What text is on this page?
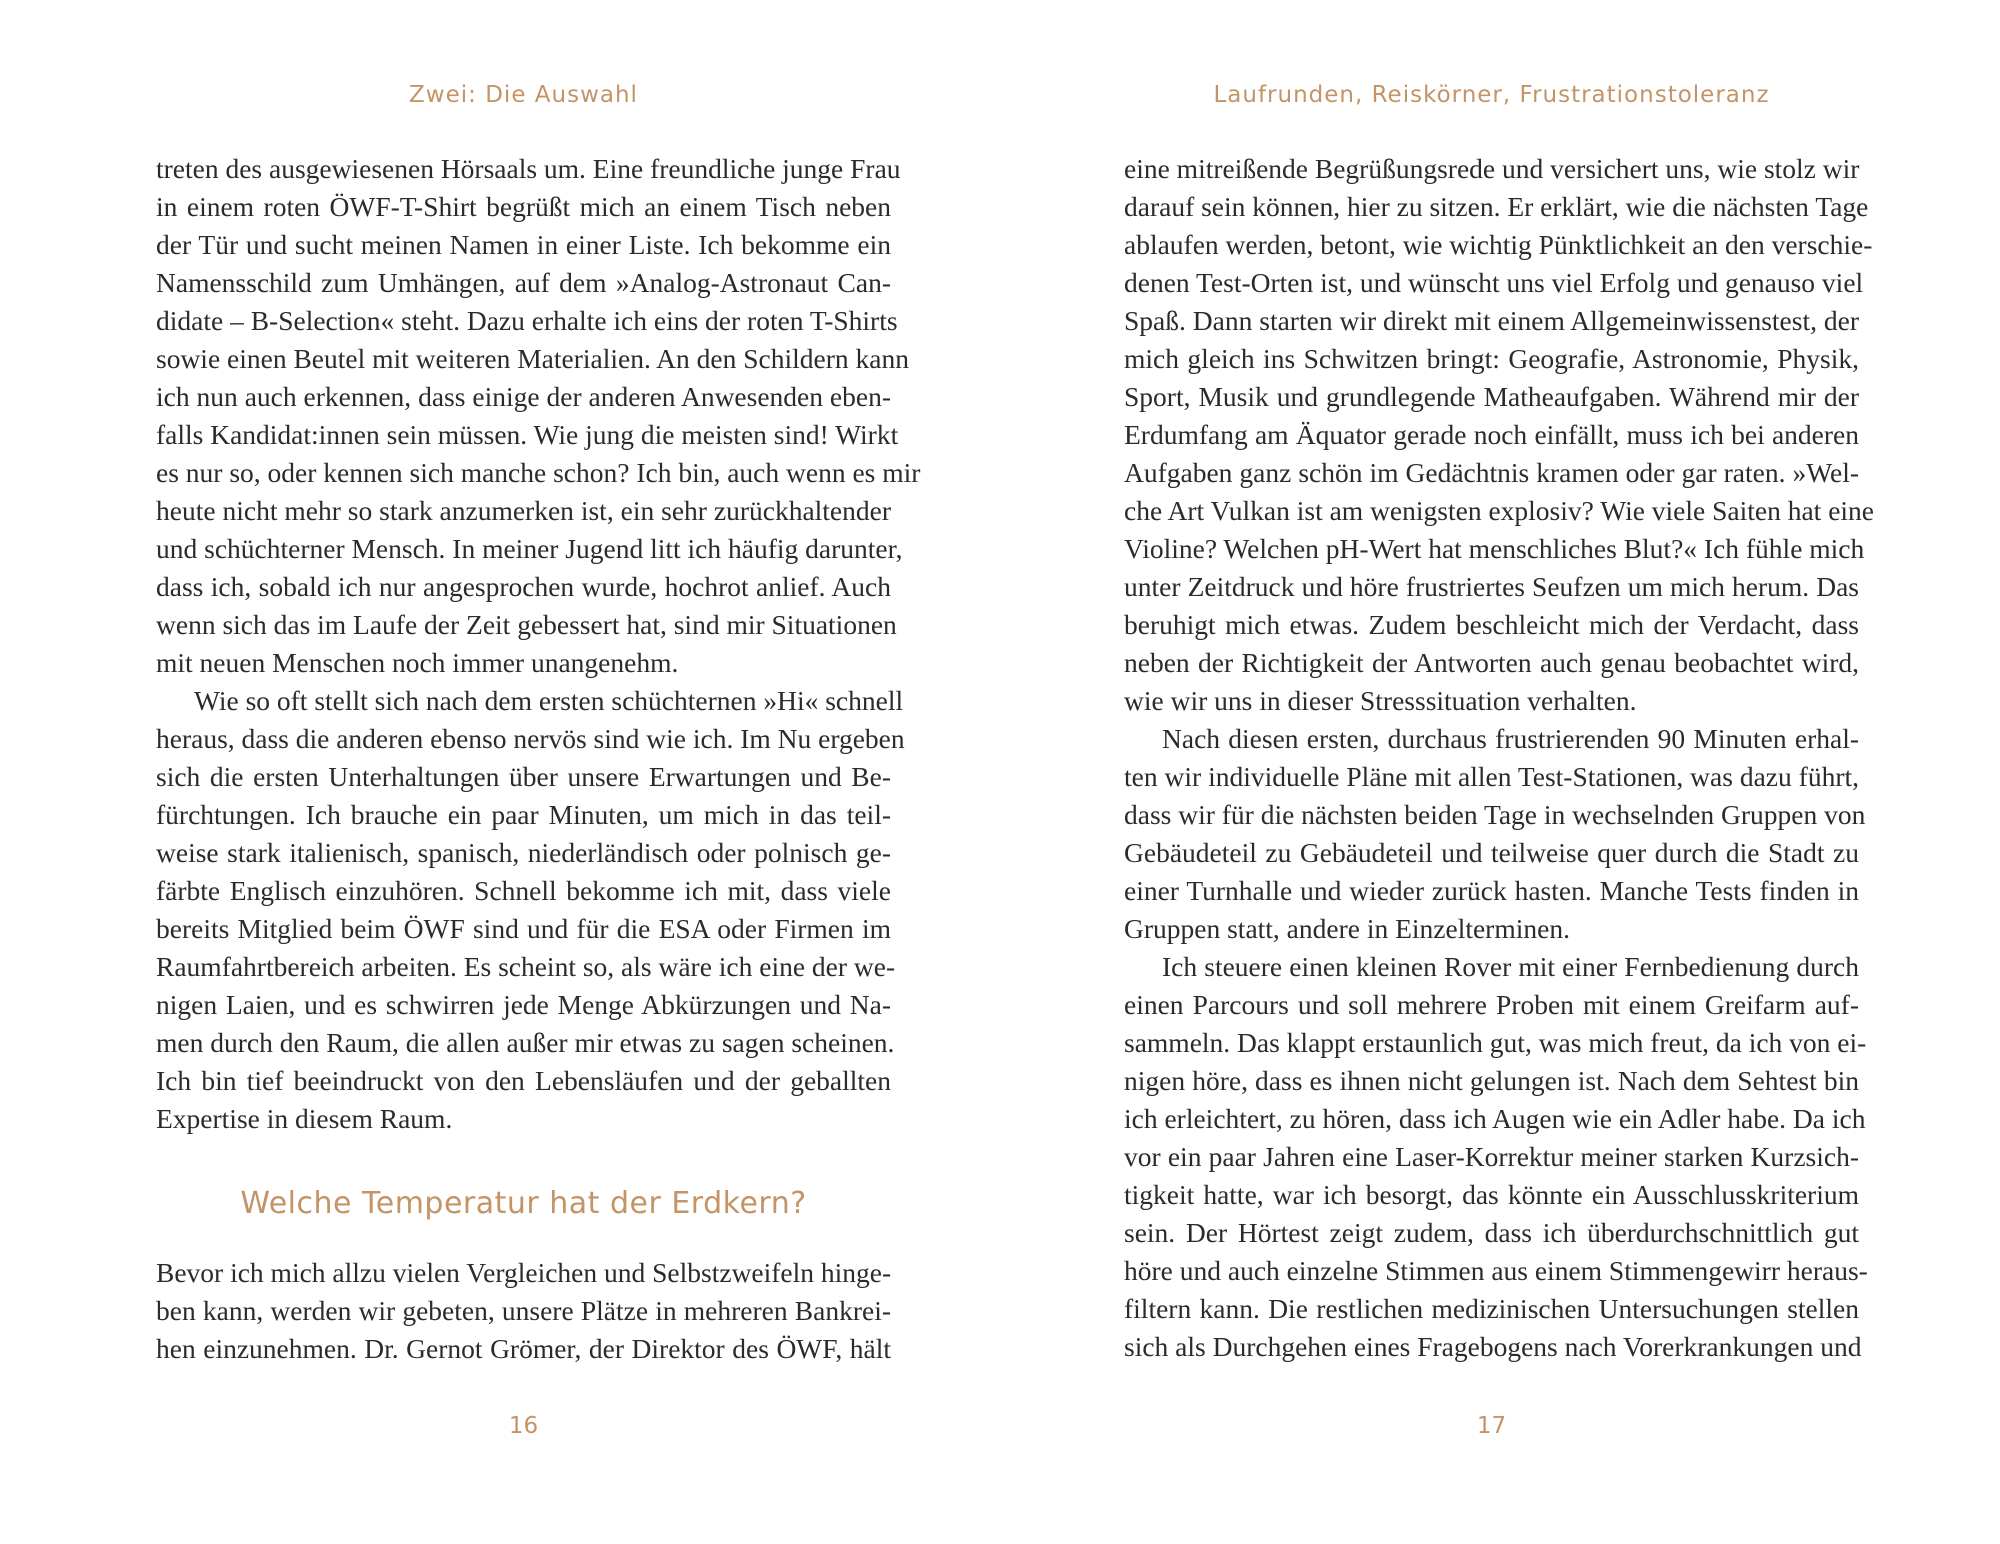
Zwei: Die Auswahl
treten des ausgewiesenen Hörsaals um. Eine freundliche junge Frau
in einem roten ÖWF-T-Shirt begrüßt mich an einem Tisch neben
der Tür und sucht meinen Namen in einer Liste. Ich bekomme ein
Namensschild zum Umhängen, auf dem »Analog-Astronaut Can-
didate – B-Selection« steht. Dazu erhalte ich eins der roten T-Shirts
sowie einen Beutel mit weiteren Materialien. An den Schildern kann
ich nun auch erkennen, dass einige der anderen Anwesenden eben-
falls Kandidat:innen sein müssen. Wie jung die meisten sind! Wirkt
es nur so, oder kennen sich manche schon? Ich bin, auch wenn es mir
heute nicht mehr so stark anzumerken ist, ein sehr zurückhaltender
und schüchterner Mensch. In meiner Jugend litt ich häufig darunter,
dass ich, sobald ich nur angesprochen wurde, hochrot anlief. Auch
wenn sich das im Laufe der Zeit gebessert hat, sind mir Situationen
mit neuen Menschen noch immer unangenehm.
Wie so oft stellt sich nach dem ersten schüchternen »Hi« schnell
heraus, dass die anderen ebenso nervös sind wie ich. Im Nu ergeben
sich die ersten Unterhaltungen über unsere Erwartungen und Be-
fürchtungen. Ich brauche ein paar Minuten, um mich in das teil-
weise stark italienisch, spanisch, niederländisch oder polnisch ge-
färbte Englisch einzuhören. Schnell bekomme ich mit, dass viele
bereits Mitglied beim ÖWF sind und für die ESA oder Firmen im
Raumfahrtbereich arbeiten. Es scheint so, als wäre ich eine der we-
nigen Laien, und es schwirren jede Menge Abkürzungen und Na-
men durch den Raum, die allen außer mir etwas zu sagen scheinen.
Ich bin tief beeindruckt von den Lebensläufen und der geballten
Expertise in diesem Raum.
Welche Temperatur hat der Erdkern?
Bevor ich mich allzu vielen Vergleichen und Selbstzweifeln hinge-
ben kann, werden wir gebeten, unsere Plätze in mehreren Bankrei-
hen einzunehmen. Dr. Gernot Grömer, der Direktor des ÖWF, hält
16
Laufrunden, Reiskörner, Frustrationstoleranz
eine mitreißende Begrüßungsrede und versichert uns, wie stolz wir
darauf sein können, hier zu sitzen. Er erklärt, wie die nächsten Tage
ablaufen werden, betont, wie wichtig Pünktlichkeit an den verschie-
denen Test-Orten ist, und wünscht uns viel Erfolg und genauso viel
Spaß. Dann starten wir direkt mit einem Allgemeinwissenstest, der
mich gleich ins Schwitzen bringt: Geografie, Astronomie, Physik,
Sport, Musik und grundlegende Matheaufgaben. Während mir der
Erdumfang am Äquator gerade noch einfällt, muss ich bei anderen
Aufgaben ganz schön im Gedächtnis kramen oder gar raten. »Wel-
che Art Vulkan ist am wenigsten explosiv? Wie viele Saiten hat eine
Violine? Welchen pH-Wert hat menschliches Blut?« Ich fühle mich
unter Zeitdruck und höre frustriertes Seufzen um mich herum. Das
beruhigt mich etwas. Zudem beschleicht mich der Verdacht, dass
neben der Richtigkeit der Antworten auch genau beobachtet wird,
wie wir uns in dieser Stresssituation verhalten.
Nach diesen ersten, durchaus frustrierenden 90 Minuten erhal-
ten wir individuelle Pläne mit allen Test-Stationen, was dazu führt,
dass wir für die nächsten beiden Tage in wechselnden Gruppen von
Gebäudeteil zu Gebäudeteil und teilweise quer durch die Stadt zu
einer Turnhalle und wieder zurück hasten. Manche Tests finden in
Gruppen statt, andere in Einzelterminen.
Ich steuere einen kleinen Rover mit einer Fernbedienung durch
einen Parcours und soll mehrere Proben mit einem Greifarm auf-
sammeln. Das klappt erstaunlich gut, was mich freut, da ich von ei-
nigen höre, dass es ihnen nicht gelungen ist. Nach dem Sehtest bin
ich erleichtert, zu hören, dass ich Augen wie ein Adler habe. Da ich
vor ein paar Jahren eine Laser-Korrektur meiner starken Kurzsich-
tigkeit hatte, war ich besorgt, das könnte ein Ausschlusskriterium
sein. Der Hörtest zeigt zudem, dass ich überdurchschnittlich gut
höre und auch einzelne Stimmen aus einem Stimmengewirr heraus-
filtern kann. Die restlichen medizinischen Untersuchungen stellen
sich als Durchgehen eines Fragebogens nach Vorerkrankungen und
17
